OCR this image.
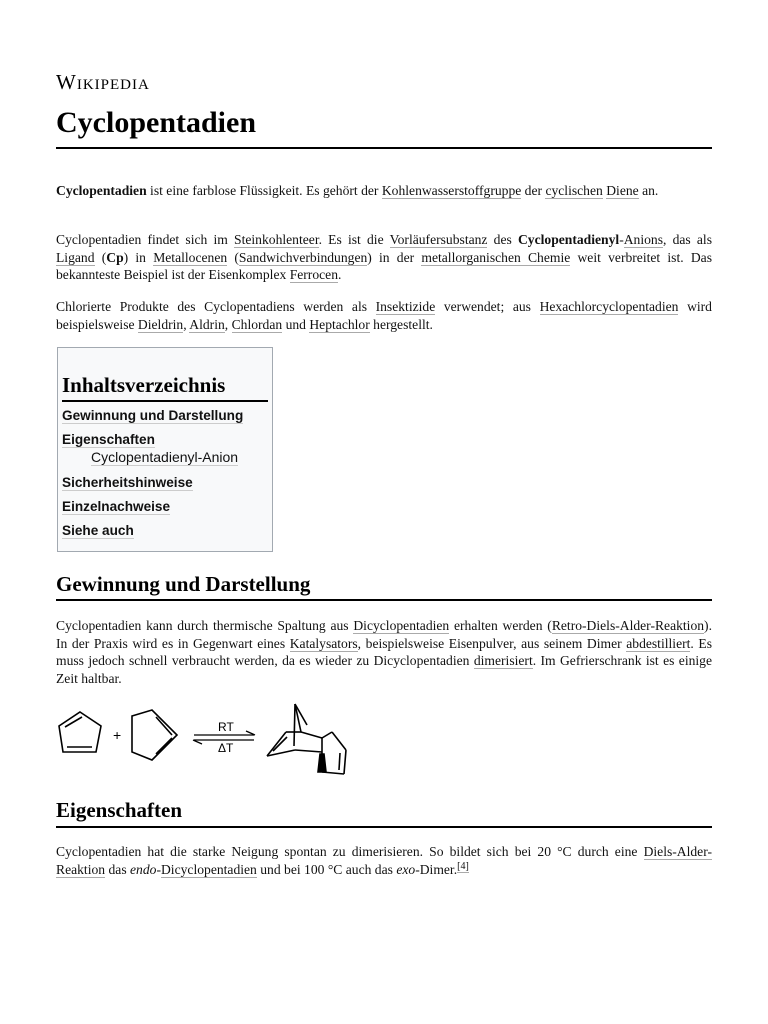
Wikipedia
Cyclopentadien

Cyclopentadien ist eine farblose Flüssigkeit. Es gehört der Kohlenwasserstoffgruppe der cyclischen Diene an.

Cyclopentadien findet sich im Steinkohlenteer. Es ist die Vorläufersubstanz des Cyclopentadienyl-Anions, das als Ligand (Cp) in Metallocenen (Sandwichverbindungen) in der metallorganischen Chemie weit verbreitet ist. Das bekannteste Beispiel ist der Eisenkomplex Ferrocen.

Chlorierte Produkte des Cyclopentadiens werden als Insektizide verwendet; aus Hexachlorcyclopentadien wird beispielsweise Dieldrin, Aldrin, Chlordan und Heptachlor hergestellt.

Inhaltsverzeichnis
Gewinnung und Darstellung
Eigenschaften
Cyclopentadienyl-Anion
Sicherheitshinweise
Einzelnachweise
Siehe auch
Gewinnung und Darstellung

Cyclopentadien kann durch thermische Spaltung aus Dicyclopentadien erhalten werden (Retro-Diels-Alder-Reaktion). In der Praxis wird es in Gegenwart eines Katalysators, beispielsweise Eisenpulver, aus seinem Dimer abdestilliert. Es muss jedoch schnell verbraucht werden, da es wieder zu Dicyclopentadien dimerisiert. Im Gefrierschrank ist es einige Zeit haltbar.

+	RT
ΔT
Eigenschaften

Cyclopentadien hat die starke Neigung spontan zu dimerisieren. So bildet sich bei 20 °C durch eine Diels-Alder-Reaktion das endo-Dicyclopentadien und bei 100 °C auch das exo-Dimer.[4]
